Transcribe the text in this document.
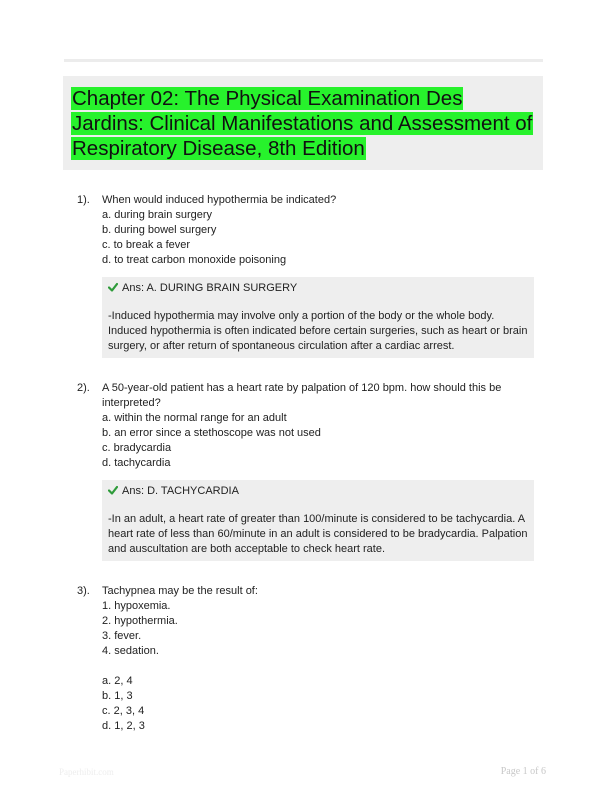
Chapter 02: The Physical Examination Des Jardins: Clinical Manifestations and Assessment of Respiratory Disease, 8th Edition
1). When would induced hypothermia be indicated?
a. during brain surgery
b. during bowel surgery
c. to break a fever
d. to treat carbon monoxide poisoning
Ans: A. DURING BRAIN SURGERY
-Induced hypothermia may involve only a portion of the body or the whole body. Induced hypothermia is often indicated before certain surgeries, such as heart or brain surgery, or after return of spontaneous circulation after a cardiac arrest.
2). A 50-year-old patient has a heart rate by palpation of 120 bpm. how should this be interpreted?
a. within the normal range for an adult
b. an error since a stethoscope was not used
c. bradycardia
d. tachycardia
Ans: D. TACHYCARDIA
-In an adult, a heart rate of greater than 100/minute is considered to be tachycardia. A heart rate of less than 60/minute in an adult is considered to be bradycardia. Palpation and auscultation are both acceptable to check heart rate.
3). Tachypnea may be the result of:
1. hypoxemia.
2. hypothermia.
3. fever.
4. sedation.
a. 2, 4
b. 1, 3
c. 2, 3, 4
d. 1, 2, 3
Paperhibit.com	Page 1 of 6
